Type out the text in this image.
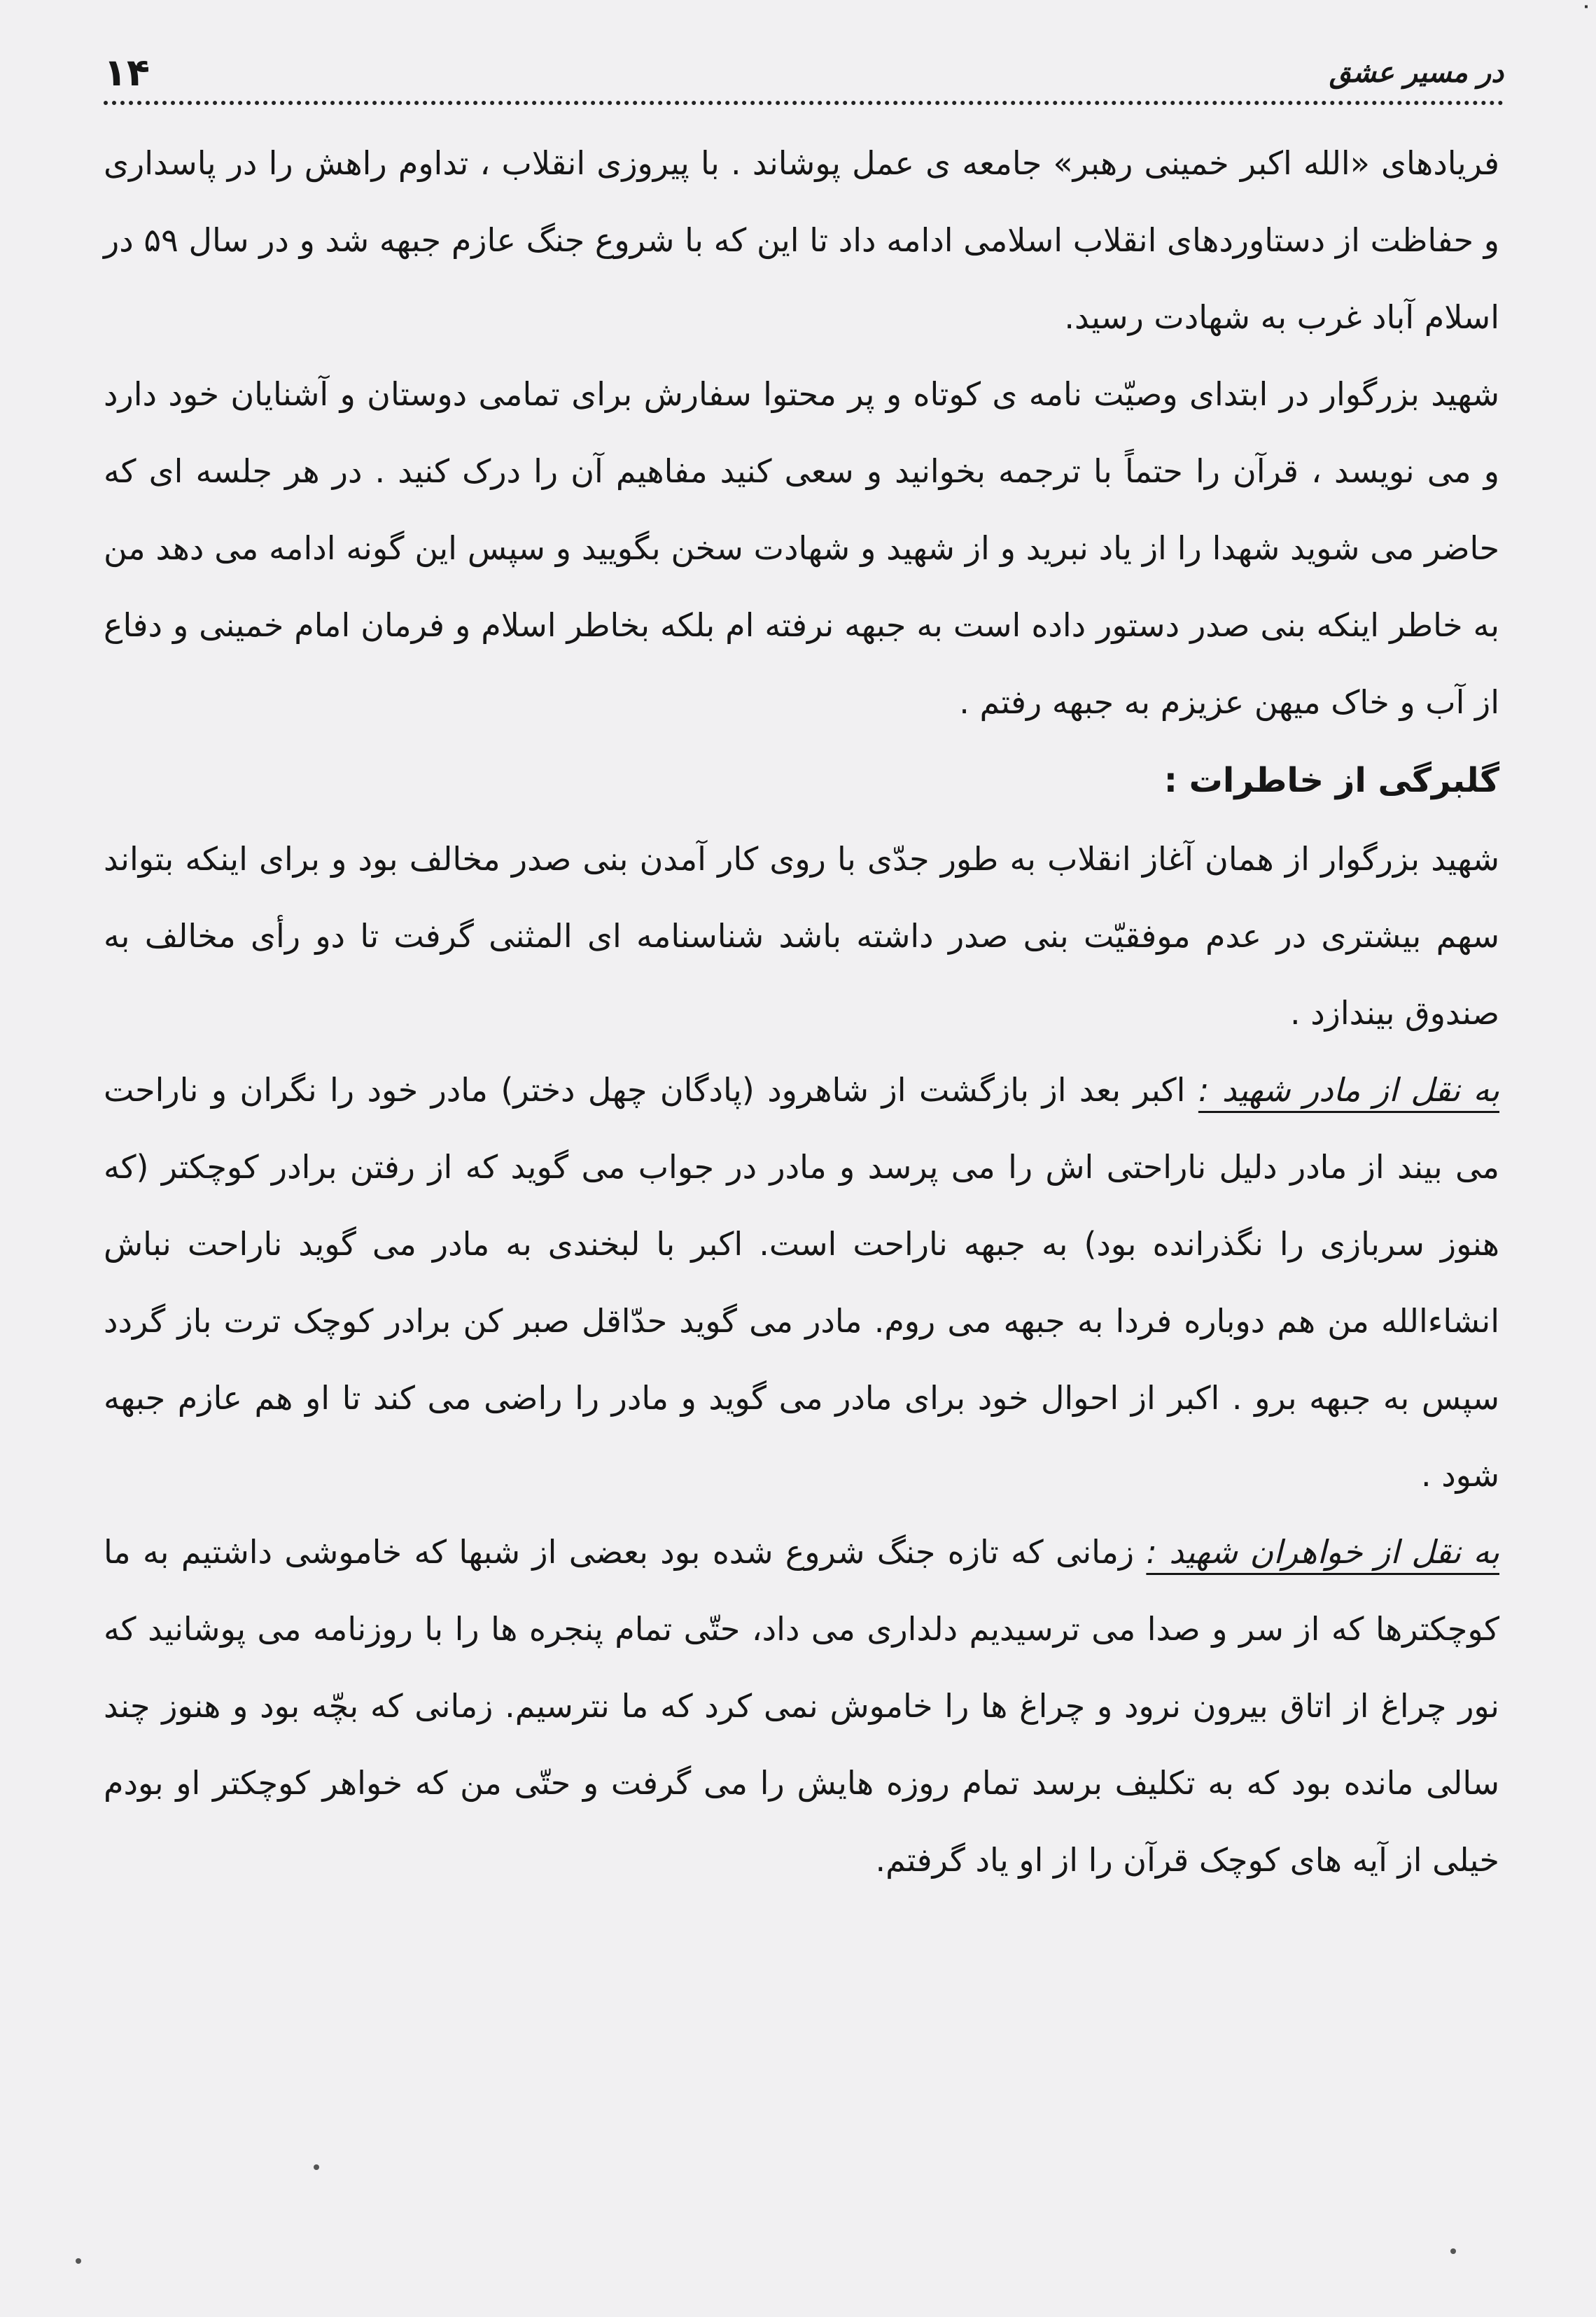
˙
۱۴	در مسیر عشق

فریادهای «الله اکبر خمینی رهبر» جامعه ی عمل پوشاند . با پیروزی انقلاب ، تداوم راهش را در پاسداری و حفاظت از دستاوردهای انقلاب اسلامی ادامه داد تا این که با شروع جنگ عازم جبهه شد و در سال ۵۹ در اسلام آباد غرب به شهادت رسید.

شهید بزرگوار در ابتدای وصیّت نامه ی کوتاه و پر محتوا سفارش برای تمامی دوستان و آشنایان خود دارد و می نویسد ، قرآن را حتماً با ترجمه بخوانید و سعی کنید مفاهیم آن را درک کنید . در هر جلسه ای که حاضر می شوید شهدا را از یاد نبرید و از شهید و شهادت سخن بگویید و سپس این گونه ادامه می دهد من به خاطر اینکه بنی صدر دستور داده است به جبهه نرفته ام بلکه بخاطر اسلام و فرمان امام خمینی و دفاع از آب و خاک میهن عزیزم به جبهه رفتم .

گلبرگی از خاطرات :

شهید بزرگوار از همان آغاز انقلاب به طور جدّی با روی کار آمدن بنی صدر مخالف بود و برای اینکه بتواند سهم بیشتری در عدم موفقیّت بنی صدر داشته باشد شناسنامه ای المثنی گرفت تا دو رأی مخالف به صندوق بیندازد .

به نقل از مادر شهید : اکبر بعد از بازگشت از شاهرود (پادگان چهل دختر) مادر خود را نگران و ناراحت می بیند از مادر دلیل ناراحتی اش را می پرسد و مادر در جواب می گوید که از رفتن برادر کوچکتر (که هنوز سربازی را نگذرانده بود) به جبهه ناراحت است. اکبر با لبخندی به مادر می گوید ناراحت نباش انشاءالله من هم دوباره فردا به جبهه می روم. مادر می گوید حدّاقل صبر کن برادر کوچک ترت باز گردد سپس به جبهه برو . اکبر از احوال خود برای مادر می گوید و مادر را راضی می کند تا او هم عازم جبهه شود .

به نقل از خواهران شهید : زمانی که تازه جنگ شروع شده بود بعضی از شبها که خاموشی داشتیم به ما کوچکترها که از سر و صدا می ترسیدیم دلداری می داد، حتّی تمام پنجره ها را با روزنامه می پوشانید که نور چراغ از اتاق بیرون نرود و چراغ ها را خاموش نمی کرد که ما نترسیم. زمانی که بچّه بود و هنوز چند سالی مانده بود که به تکلیف برسد تمام روزه هایش را می گرفت و حتّی من که خواهر کوچکتر او بودم خیلی از آیه های کوچک قرآن را از او یاد گرفتم.
